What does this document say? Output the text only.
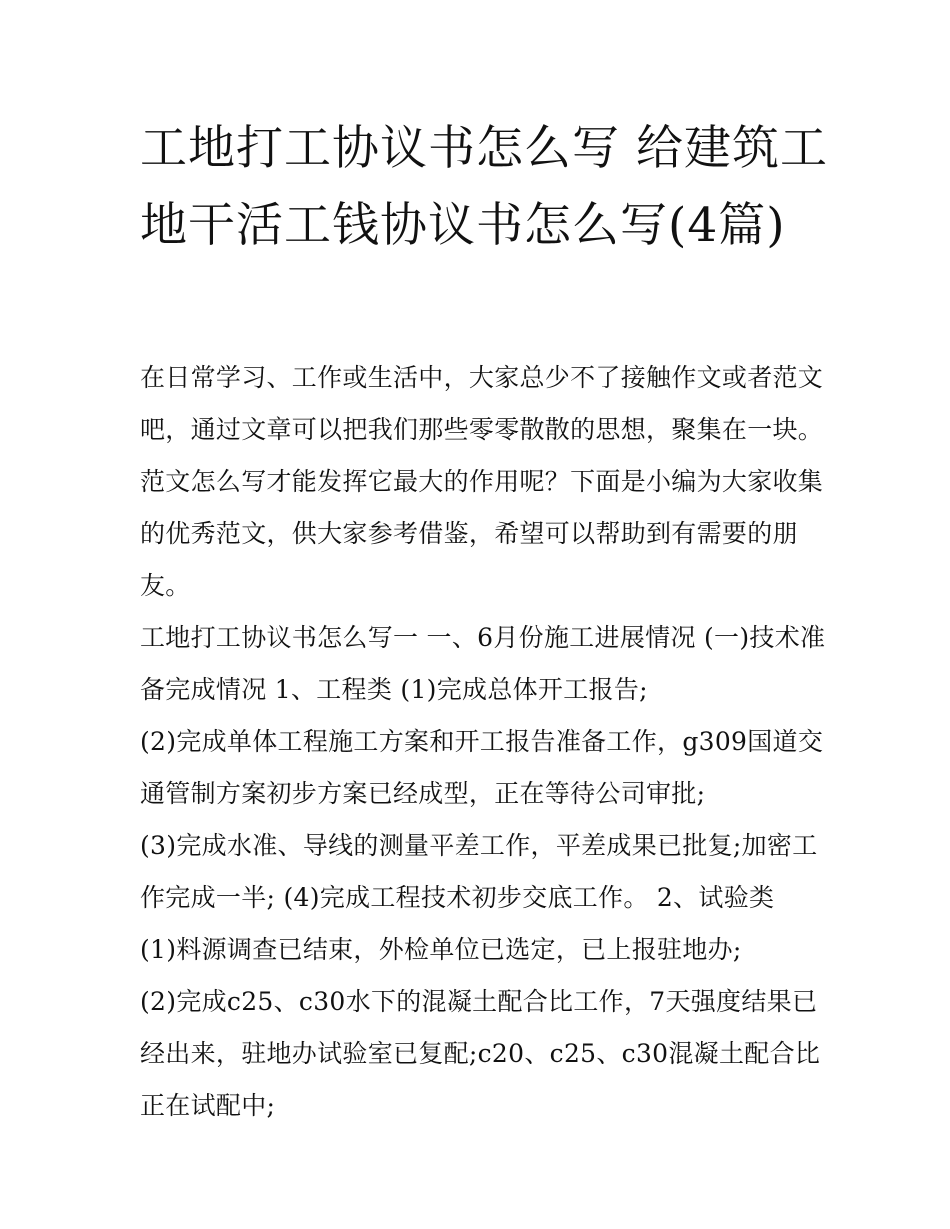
工地打工协议书怎么写 给建筑工地干活工钱协议书怎么写(4篇)

在日常学习、工作或生活中，大家总少不了接触作文或者范文吧，通过文章可以把我们那些零零散散的思想，聚集在一块。范文怎么写才能发挥它最大的作用呢？下面是小编为大家收集的优秀范文，供大家参考借鉴，希望可以帮助到有需要的朋友。

工地打工协议书怎么写一 一、6月份施工进展情况 (一)技术准备完成情况 1、工程类 (1)完成总体开工报告;

(2)完成单体工程施工方案和开工报告准备工作，g309国道交通管制方案初步方案已经成型，正在等待公司审批;

(3)完成水准、导线的测量平差工作，平差成果已批复;加密工作完成一半; (4)完成工程技术初步交底工作。 2、试验类

(1)料源调查已结束，外检单位已选定，已上报驻地办;

(2)完成c25、c30水下的混凝土配合比工作，7天强度结果已经出来，驻地办试验室已复配;c20、c25、c30混凝土配合比正在试配中;
